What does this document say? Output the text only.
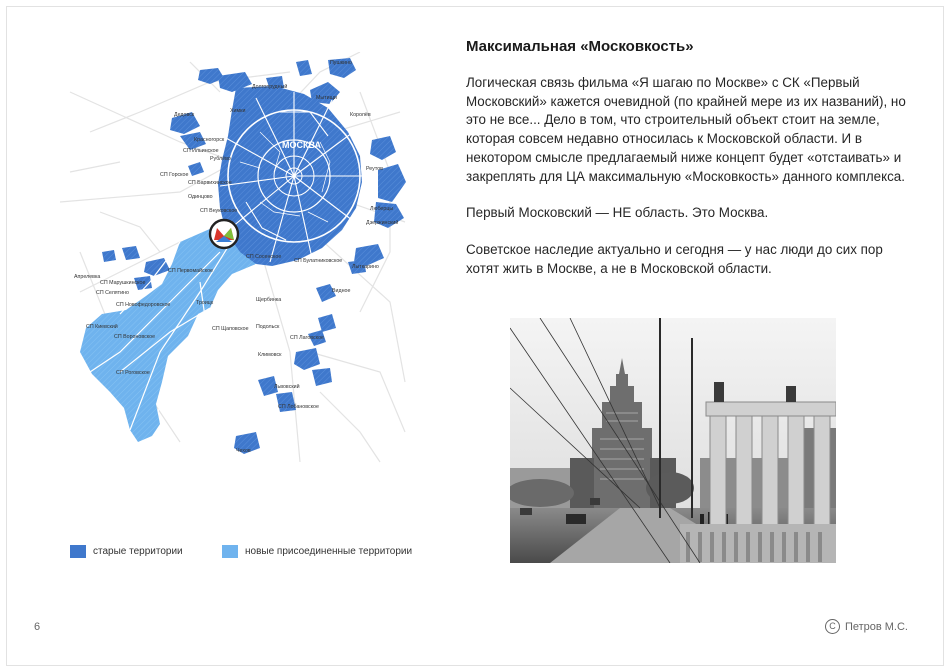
МОСКВА
Пушкино
Долгопрудный
Мытищи
Химки
Королёв
Дедовск
Красногорск
СП Ильинское
Рублёво
СП Горское
СП Барвихинское
Одинцово
СП Внуковское
Реутов
Люберцы
Дзержинский
СП Сосенское
СП Булатниковское
Лыткарино
Апрелевка
СП Первомайское
СП Марушкинское
СП Селятино
Троицк
СП Новофедоровское
СП Киевский	СП Щаповское
Щербинка
Подольск
СП Лаговское
СП Вороновское
Климовск
СП Роговское
Львовский
СП Лобановское
Чехов
Видное
старые территории	новые присоединенные территории
Максимальная «Московкость»

Логическая связь фильма «Я шагаю по Москве» с СК «Первый Московский» кажется очевидной (по крайней мере из их названий), но это не все... Дело в том, что строительный объект стоит на земле, которая совсем недавно относилась к Московской области. И в некотором смысле предлагаемый ниже концепт будет «отстаивать» и закреплять для ЦА максимальную «Московкость» данного комплекса.

Первый Московский — НЕ область. Это Москва.

Советское наследие актуально и сегодня — у нас люди до сих пор хотят жить в Москве, а не в Московской области.

6	C Петров М.С.
